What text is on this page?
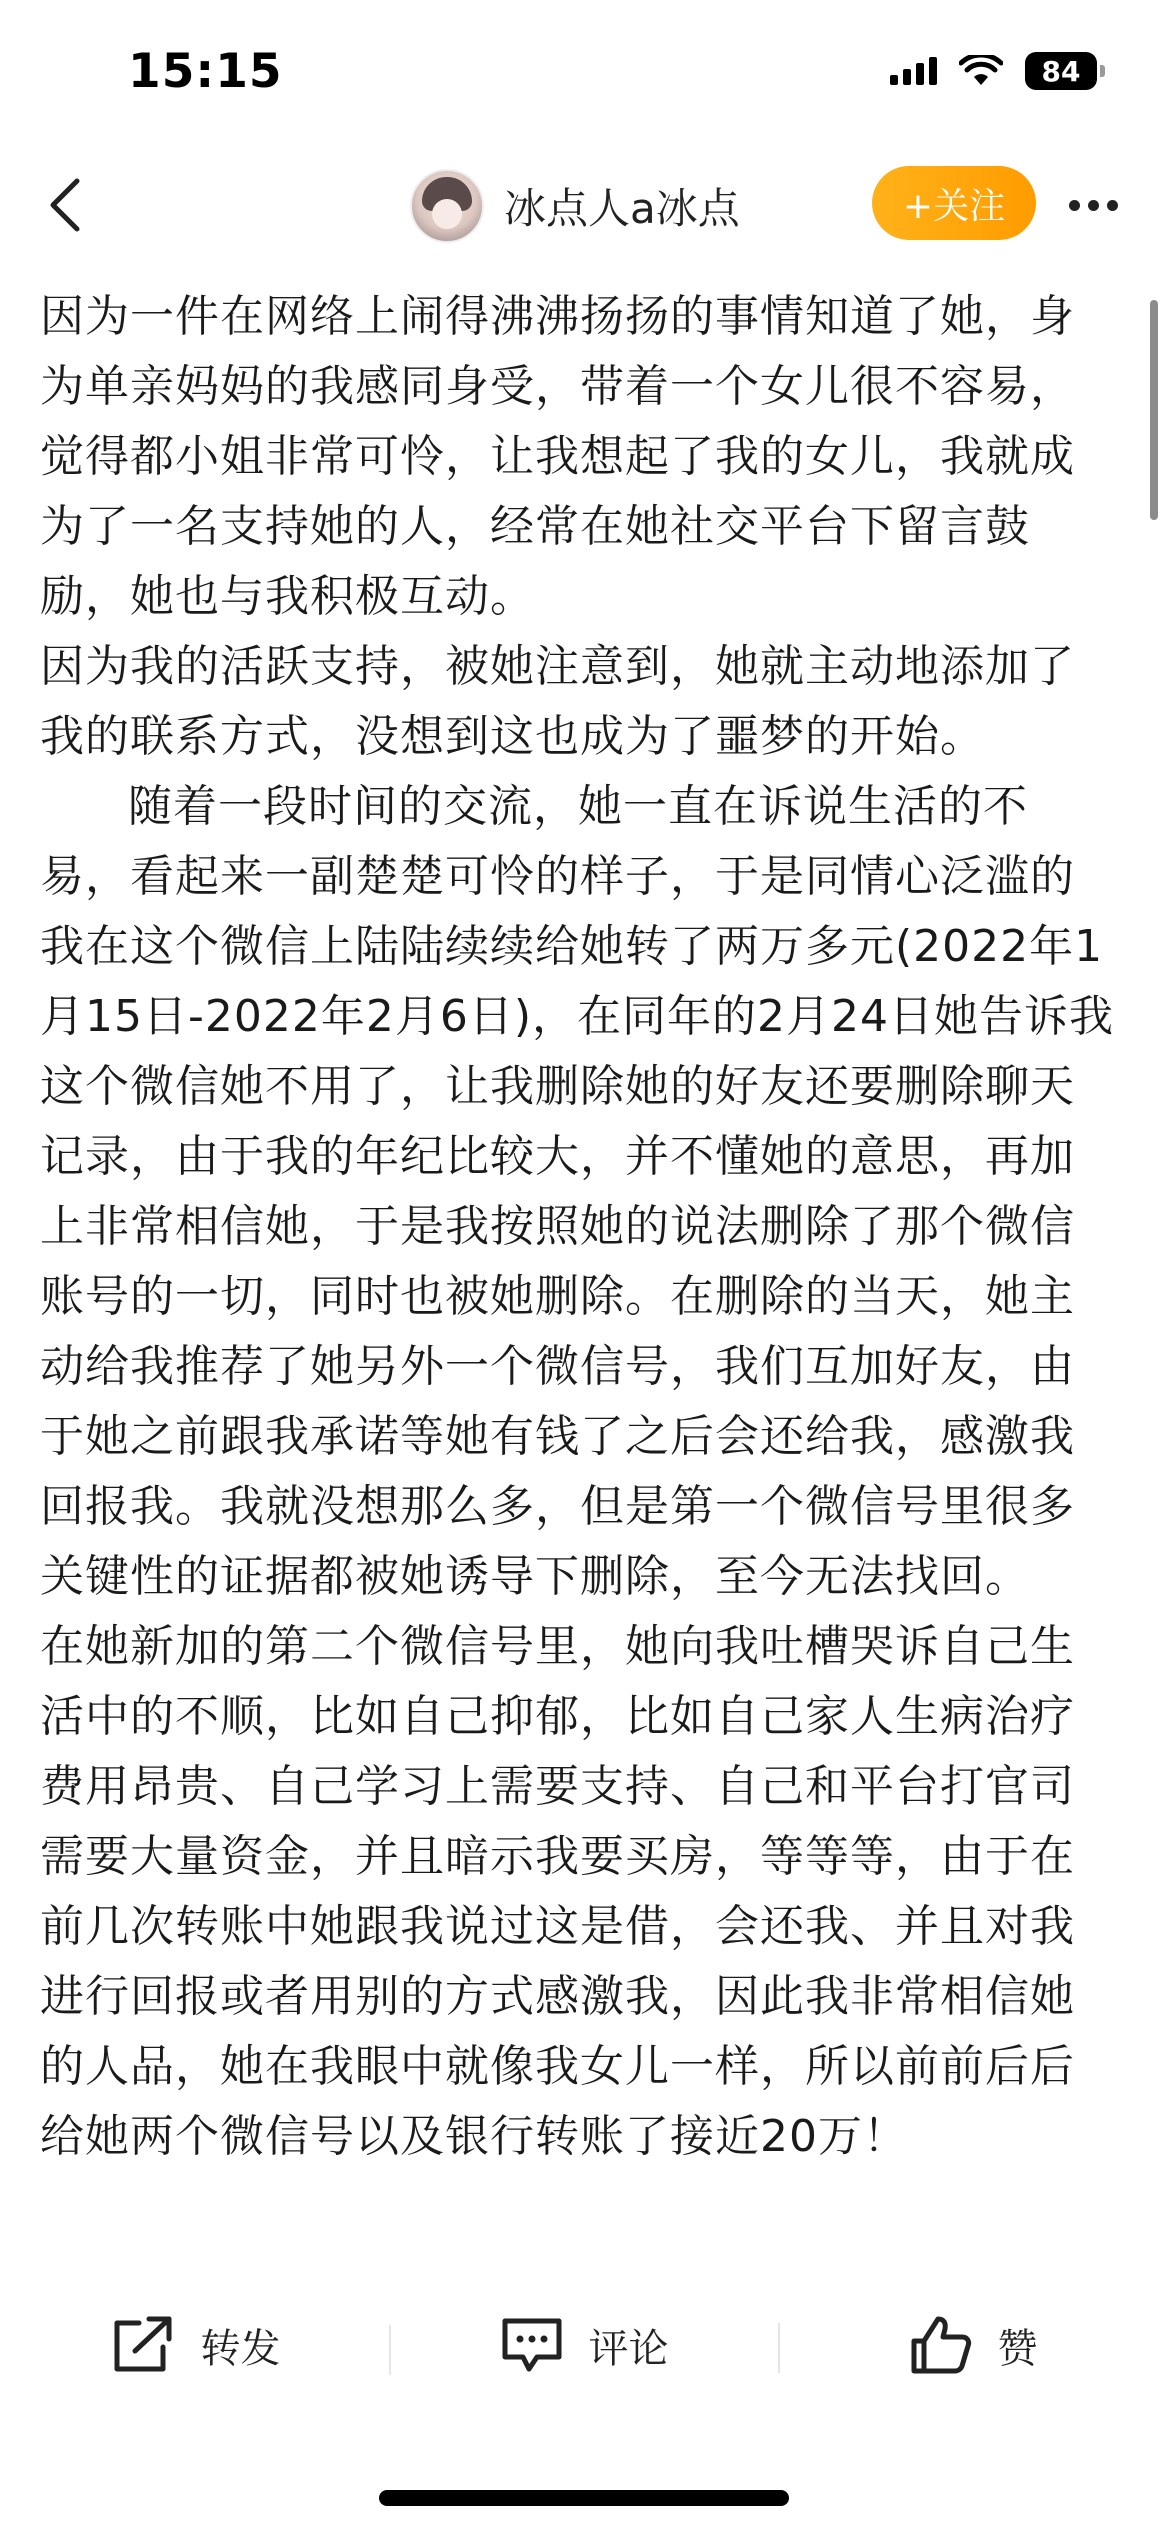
15:15	84
冰点人a冰点	+关注

因为一件在网络上闹得沸沸扬扬的事情知道了她，身为单亲妈妈的我感同身受，带着一个女儿很不容易，觉得都小姐非常可怜，让我想起了我的女儿，我就成为了一名支持她的人，经常在她社交平台下留言鼓励，她也与我积极互动。

因为我的活跃支持，被她注意到，她就主动地添加了我的联系方式，没想到这也成为了噩梦的开始。

随着一段时间的交流，她一直在诉说生活的不易，看起来一副楚楚可怜的样子，于是同情心泛滥的我在这个微信上陆陆续续给她转了两万多元(2022年1月15日-2022年2月6日)，在同年的2月24日她告诉我这个微信她不用了，让我删除她的好友还要删除聊天记录，由于我的年纪比较大，并不懂她的意思，再加上非常相信她，于是我按照她的说法删除了那个微信账号的一切，同时也被她删除。在删除的当天，她主动给我推荐了她另外一个微信号，我们互加好友，由于她之前跟我承诺等她有钱了之后会还给我，感激我回报我。我就没想那么多，但是第一个微信号里很多关键性的证据都被她诱导下删除，至今无法找回。

在她新加的第二个微信号里，她向我吐槽哭诉自己生活中的不顺，比如自己抑郁，比如自己家人生病治疗费用昂贵、自己学习上需要支持、自己和平台打官司需要大量资金，并且暗示我要买房，等等等，由于在前几次转账中她跟我说过这是借，会还我、并且对我进行回报或者用别的方式感激我，因此我非常相信她的人品，她在我眼中就像我女儿一样，所以前前后后给她两个微信号以及银行转账了接近20万！

转发	评论	赞
